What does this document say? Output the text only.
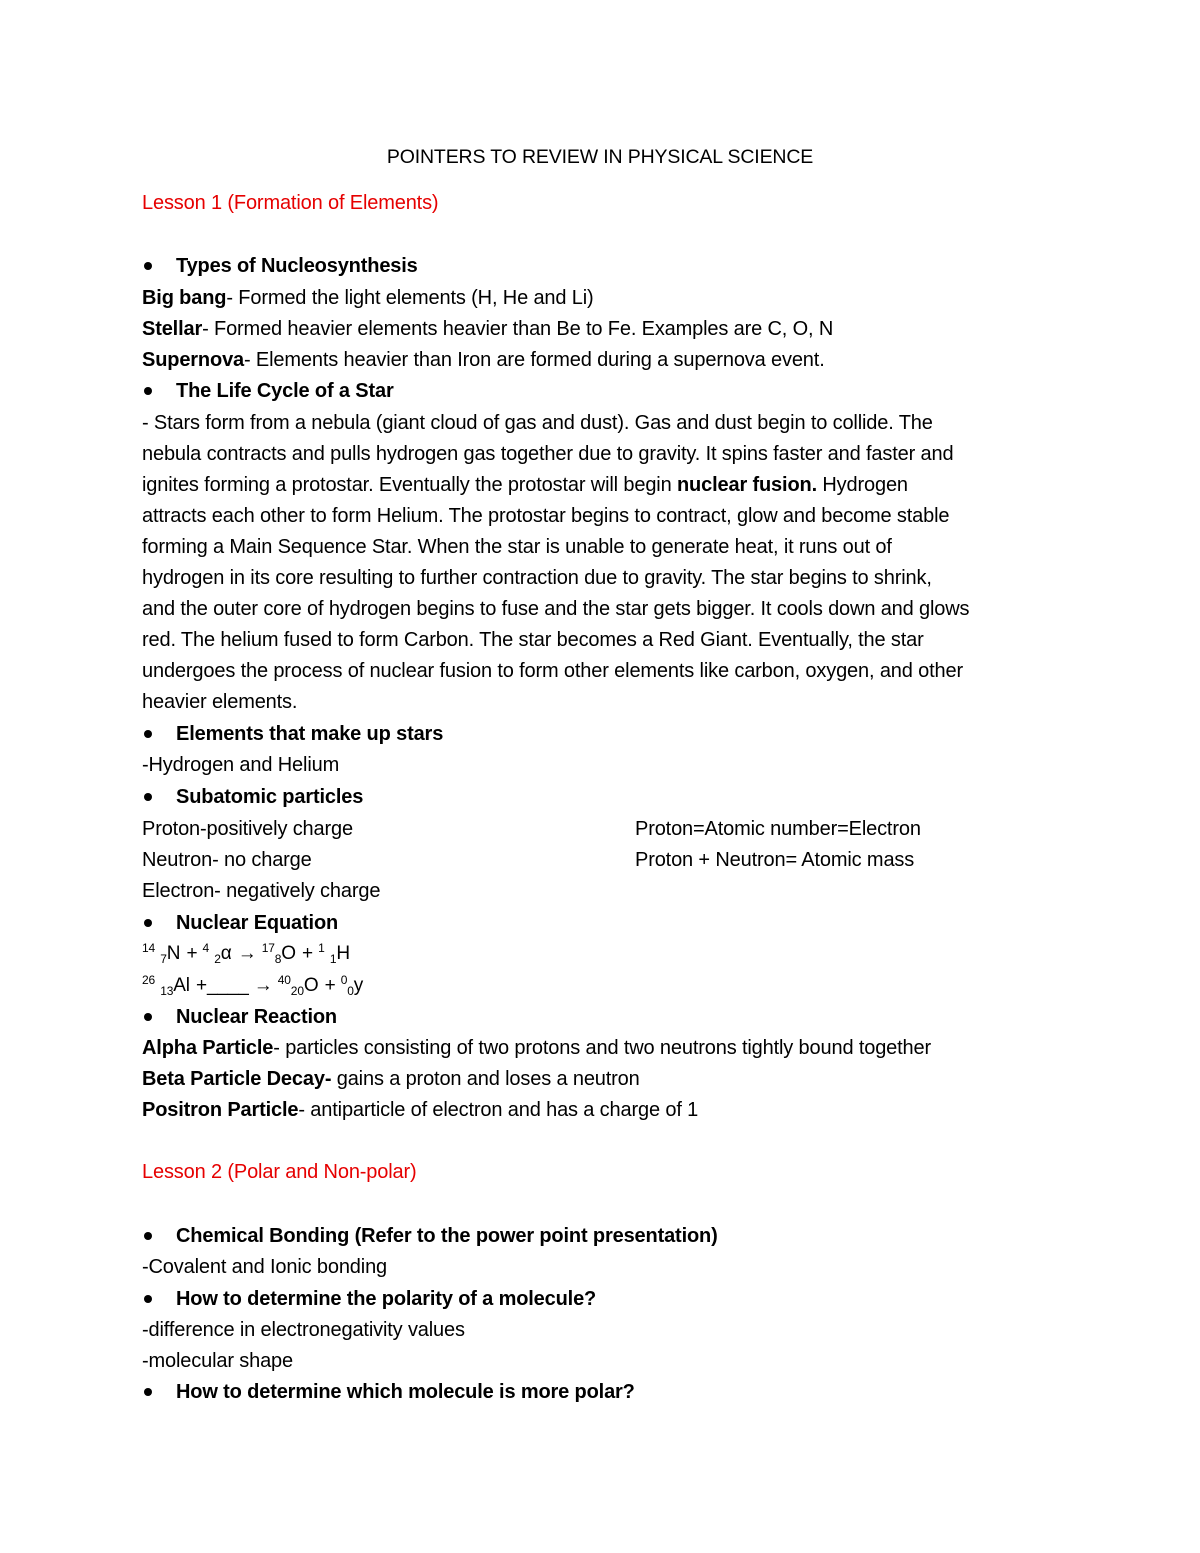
POINTERS TO REVIEW IN PHYSICAL SCIENCE
Lesson 1 (Formation of Elements)
Types of Nucleosynthesis
Big bang- Formed the light elements (H, He and Li)
Stellar- Formed heavier elements heavier than Be to Fe. Examples are C, O, N
Supernova- Elements heavier than Iron are formed during a supernova event.
The Life Cycle of a Star
- Stars form from a nebula (giant cloud of gas and dust). Gas and dust begin to collide. The
nebula contracts and pulls hydrogen gas together due to gravity. It spins faster and faster and
ignites forming a protostar. Eventually the protostar will begin nuclear fusion. Hydrogen
attracts each other to form Helium. The protostar begins to contract, glow and become stable
forming a Main Sequence Star. When the star is unable to generate heat, it runs out of
hydrogen in its core resulting to further contraction due to gravity. The star begins to shrink,
and the outer core of hydrogen begins to fuse and the star gets bigger. It cools down and glows
red. The helium fused to form Carbon. The star becomes a Red Giant. Eventually, the star
undergoes the process of nuclear fusion to form other elements like carbon, oxygen, and other
heavier elements.
Elements that make up stars
-Hydrogen and Helium
Subatomic particles
Proton-positively charge	Proton=Atomic number=Electron
Neutron- no charge	Proton + Neutron= Atomic mass
Electron- negatively charge
Nuclear Equation
$^{14}$ $_7$N + $^4$ $_2$α → $^{17}_8$O + $^1$ $_1$H
$^{26}$ $_{13}$Al +____ → $^{40}_{20}$O + $^0_0$y
Nuclear Reaction
Alpha Particle- particles consisting of two protons and two neutrons tightly bound together
Beta Particle Decay- gains a proton and loses a neutron
Positron Particle- antiparticle of electron and has a charge of 1
Lesson 2 (Polar and Non-polar)
Chemical Bonding (Refer to the power point presentation)
-Covalent and Ionic bonding
How to determine the polarity of a molecule?
-difference in electronegativity values
-molecular shape
How to determine which molecule is more polar?
